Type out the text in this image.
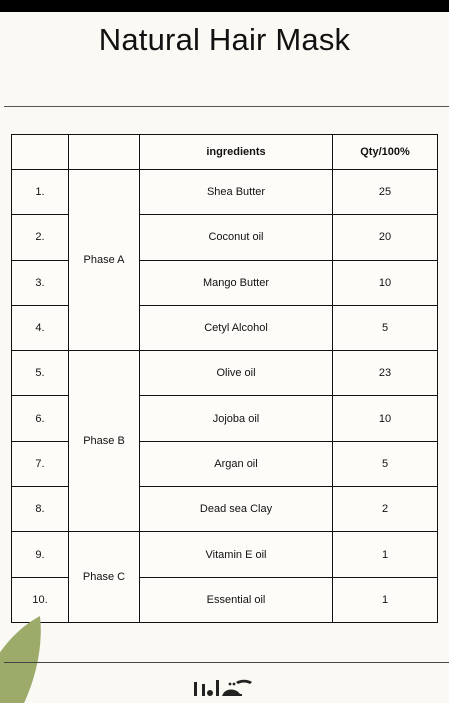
Natural Hair Mask
		ingredients	Qty/100%
1.	Phase A	Shea Butter	25
2.		Coconut oil	20
3.		Mango Butter	10
4.		Cetyl Alcohol	5
5.	Phase B	Olive oil	23
6.		Jojoba oil	10
7.		Argan oil	5
8.		Dead sea Clay	2
9.	Phase C	Vitamin E oil	1
10.		Essential oil	1
